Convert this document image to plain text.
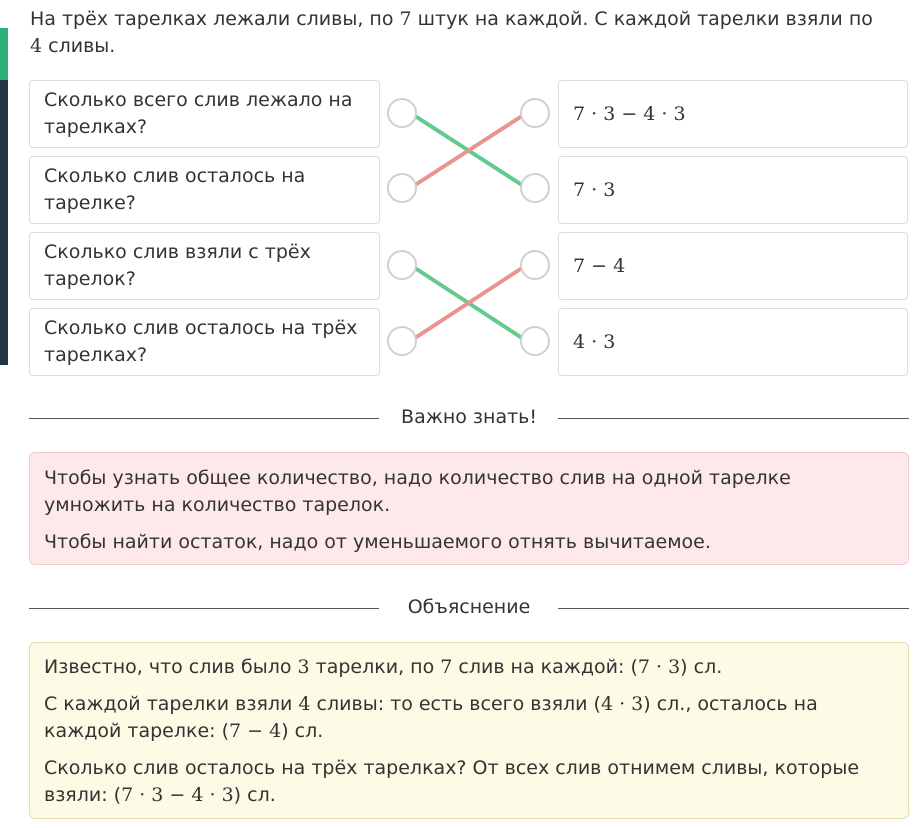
На трёх тарелках лежали сливы, по 7 штук на каждой. С каждой тарелки взяли по 4 сливы.
Сколько всего слив лежало на тарелках?
Сколько слив осталось на тарелке?
Сколько слив взяли с трёх тарелок?
Сколько слив осталось на трёх тарелках?
7 · 3 − 4 · 3
7 · 3
7 − 4
4 · 3
Важно знать!

Чтобы узнать общее количество, надо количество слив на одной тарелке умножить на количество тарелок.

Чтобы найти остаток, надо от уменьшаемого отнять вычитаемое.

Объяснение

Известно, что слив было 3 тарелки, по 7 слив на каждой: (7 · 3) сл.

С каждой тарелки взяли 4 сливы: то есть всего взяли (4 · 3) сл., осталось на каждой тарелке: (7 − 4) сл.

Сколько слив осталось на трёх тарелках? От всех слив отнимем сливы, которые взяли: (7 · 3 − 4 · 3) сл.
